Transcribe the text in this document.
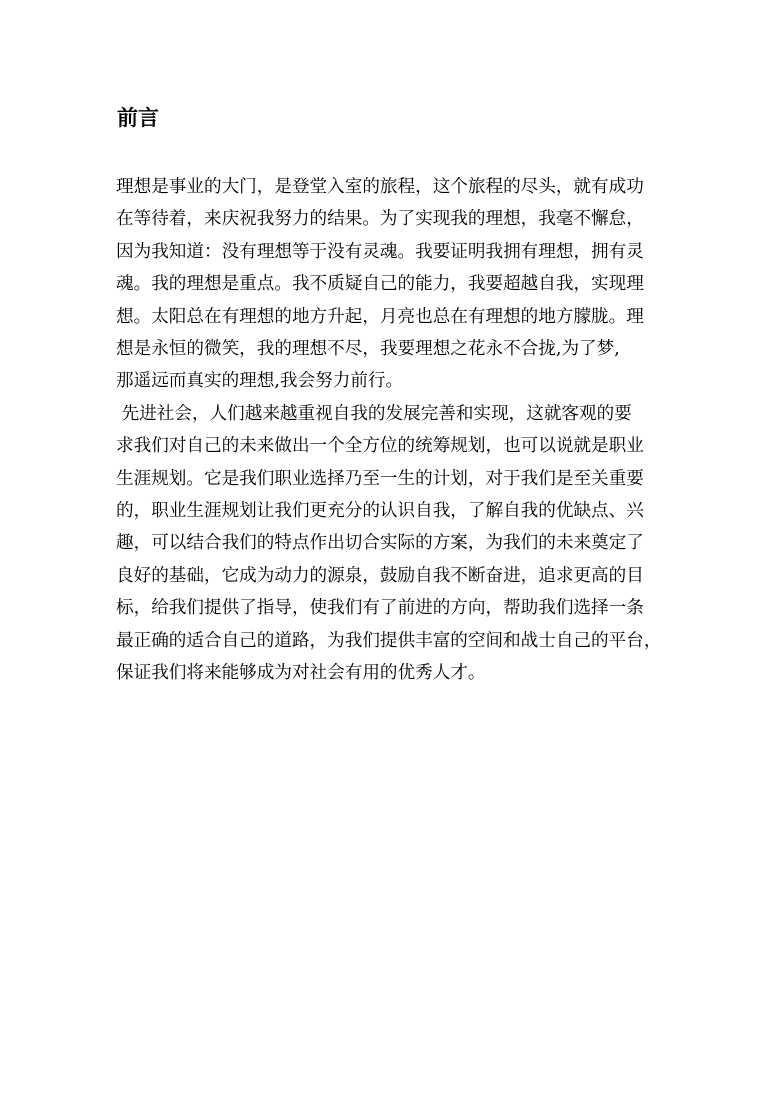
前言
理想是事业的大门，是登堂入室的旅程，这个旅程的尽头，就有成功
在等待着，来庆祝我努力的结果。为了实现我的理想，我毫不懈怠，
因为我知道：没有理想等于没有灵魂。我要证明我拥有理想，拥有灵
魂。我的理想是重点。我不质疑自己的能力，我要超越自我，实现理
想。太阳总在有理想的地方升起，月亮也总在有理想的地方朦胧。理
想是永恒的微笑，我的理想不尽，我要理想之花永不合拢,为了梦,
那遥远而真实的理想,我会努力前行。
先进社会，人们越来越重视自我的发展完善和实现，这就客观的要
求我们对自己的未来做出一个全方位的统筹规划，也可以说就是职业
生涯规划。它是我们职业选择乃至一生的计划，对于我们是至关重要
的，职业生涯规划让我们更充分的认识自我，了解自我的优缺点、兴
趣，可以结合我们的特点作出切合实际的方案，为我们的未来奠定了
良好的基础，它成为动力的源泉，鼓励自我不断奋进，追求更高的目
标，给我们提供了指导，使我们有了前进的方向，帮助我们选择一条
最正确的适合自己的道路，为我们提供丰富的空间和战士自己的平台，
保证我们将来能够成为对社会有用的优秀人才。
